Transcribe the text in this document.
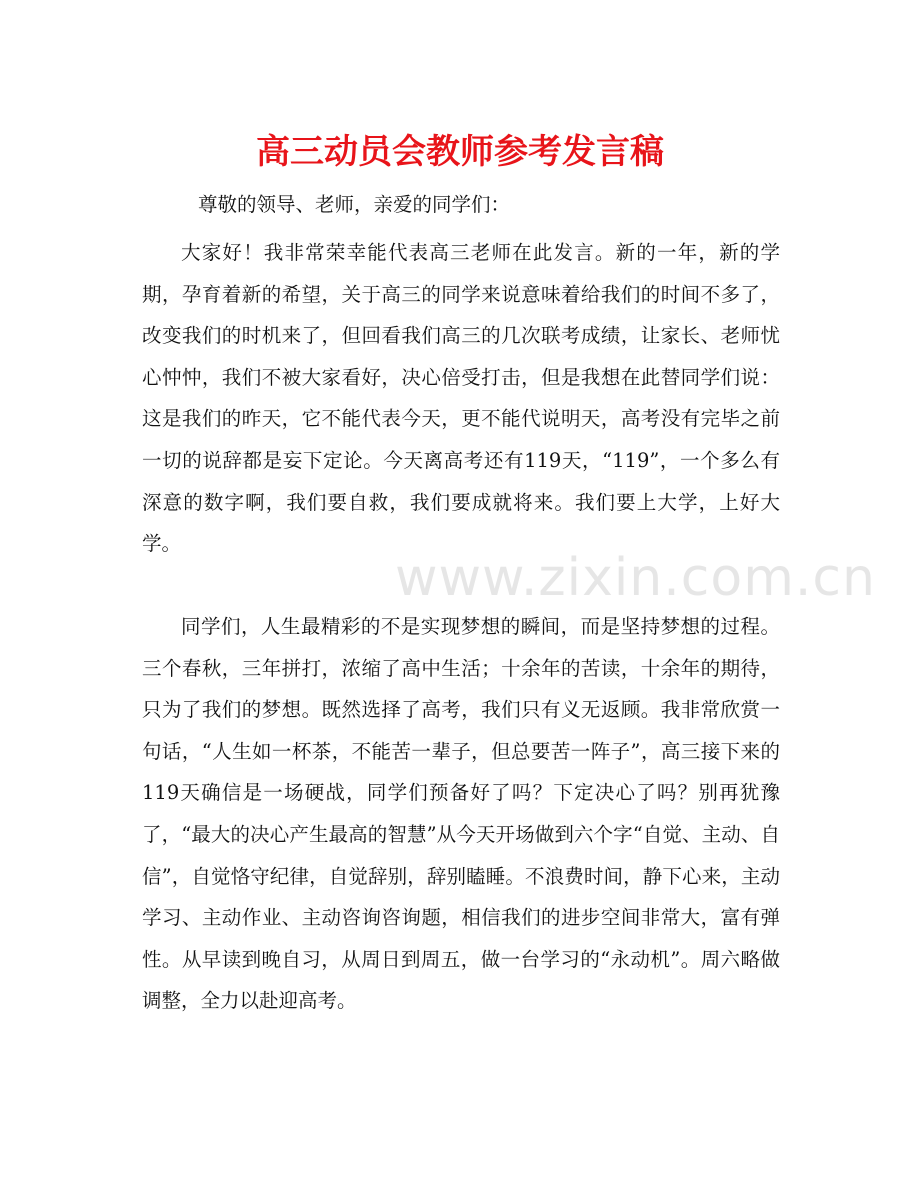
高三动员会教师参考发言稿

尊敬的领导、老师，亲爱的同学们：

大家好！我非常荣幸能代表高三老师在此发言。新的一年，新的学期，孕育着新的希望，关于高三的同学来说意味着给我们的时间不多了，改变我们的时机来了，但回看我们高三的几次联考成绩，让家长、老师忧心忡忡，我们不被大家看好，决心倍受打击，但是我想在此替同学们说：这是我们的昨天，它不能代表今天，更不能代说明天，高考没有完毕之前一切的说辞都是妄下定论。今天离高考还有119天，“119”，一个多么有深意的数字啊，我们要自救，我们要成就将来。我们要上大学，上好大学。

同学们，人生最精彩的不是实现梦想的瞬间，而是坚持梦想的过程。三个春秋，三年拼打，浓缩了高中生活；十余年的苦读，十余年的期待，只为了我们的梦想。既然选择了高考，我们只有义无返顾。我非常欣赏一句话，“人生如一杯茶，不能苦一辈子，但总要苦一阵子”，高三接下来的119天确信是一场硬战，同学们预备好了吗？下定决心了吗？别再犹豫了，“最大的决心产生最高的智慧”从今天开场做到六个字“自觉、主动、自信”，自觉恪守纪律，自觉辞别，辞别瞌睡。不浪费时间，静下心来，主动学习、主动作业、主动咨询咨询题，相信我们的进步空间非常大，富有弹性。从早读到晚自习，从周日到周五，做一台学习的“永动机”。周六略做调整，全力以赴迎高考。

www.zixin.com.cn
